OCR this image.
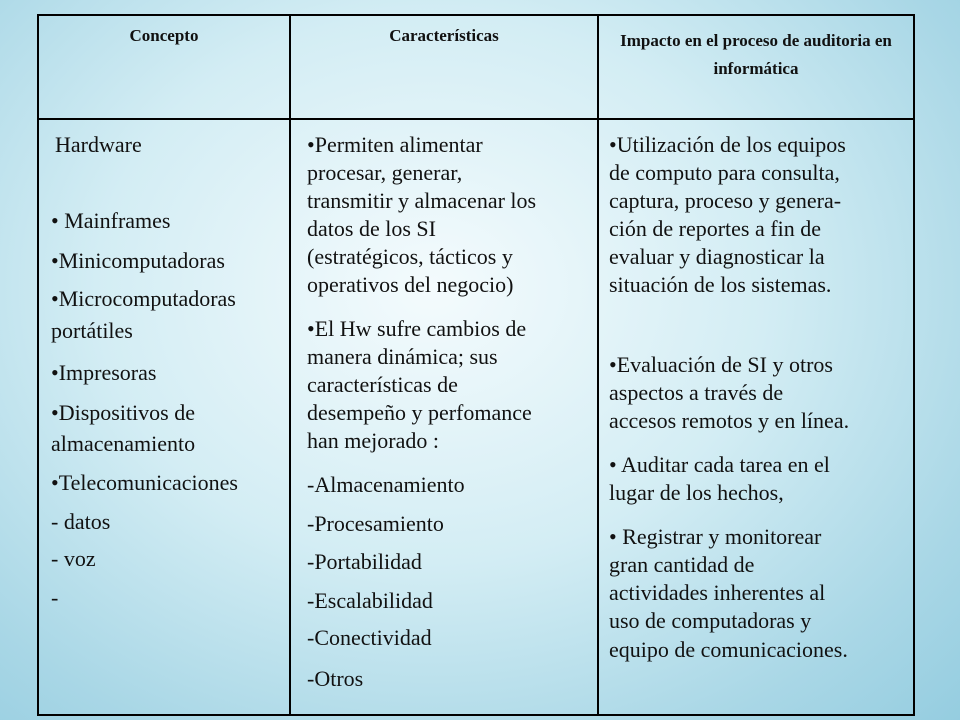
Concepto	Características	Impacto en el proceso de auditoria en informática
Hardware
• Mainframes
•Minicomputadoras
•Microcomputadoras
portátiles
•Impresoras
•Dispositivos de
almacenamiento
•Telecomunicaciones
- datos
- voz
-
•Permiten alimentar
procesar, generar,
transmitir y almacenar los
datos de los SI
(estratégicos, tácticos y
operativos del negocio)
•El Hw sufre cambios de
manera dinámica; sus
características de
desempeño y perfomance
han mejorado :
-Almacenamiento
-Procesamiento
-Portabilidad
-Escalabilidad
-Conectividad
-Otros
•Utilización de los equipos
de computo para consulta,
captura, proceso y genera-
ción de reportes a fin de
evaluar y diagnosticar la
situación de los sistemas.
•Evaluación de SI y otros
aspectos a través de
accesos remotos y en línea.
• Auditar cada tarea en el
lugar de los hechos,
• Registrar y monitorear
gran cantidad de
actividades inherentes al
uso de computadoras y
equipo de comunicaciones.
